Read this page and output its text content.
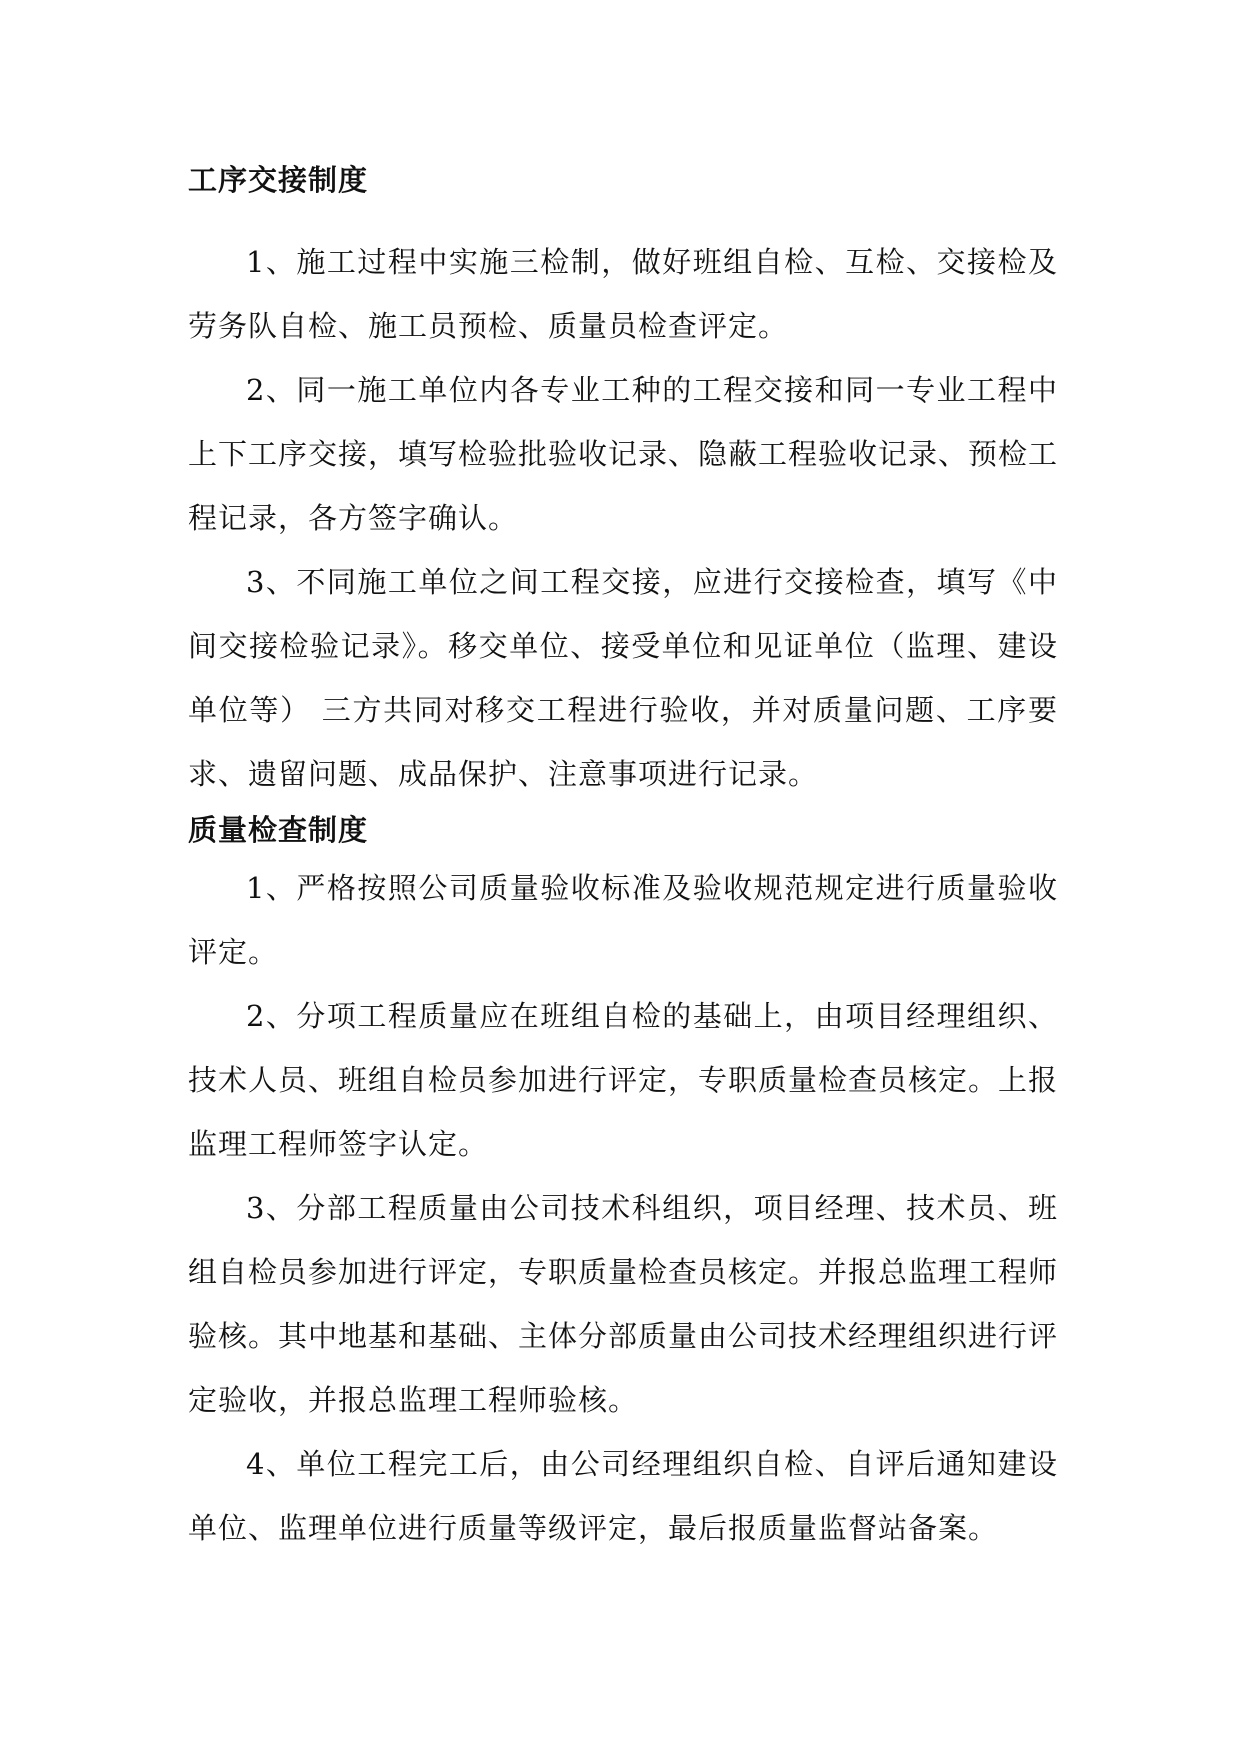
工序交接制度

1、施工过程中实施三检制，做好班组自检、互检、交接检及劳务队自检、施工员预检、质量员检查评定。

2、同一施工单位内各专业工种的工程交接和同一专业工程中上下工序交接，填写检验批验收记录、隐蔽工程验收记录、预检工程记录，各方签字确认。

3、不同施工单位之间工程交接，应进行交接检查，填写《中间交接检验记录》。移交单位、接受单位和见证单位（监理、建设单位等） 三方共同对移交工程进行验收，并对质量问题、工序要求、遗留问题、成品保护、注意事项进行记录。

质量检查制度

1、严格按照公司质量验收标准及验收规范规定进行质量验收评定。

2、分项工程质量应在班组自检的基础上，由项目经理组织、技术人员、班组自检员参加进行评定，专职质量检查员核定。上报监理工程师签字认定。

3、分部工程质量由公司技术科组织，项目经理、技术员、班组自检员参加进行评定，专职质量检查员核定。并报总监理工程师验核。其中地基和基础、主体分部质量由公司技术经理组织进行评定验收，并报总监理工程师验核。

4、单位工程完工后，由公司经理组织自检、自评后通知建设单位、监理单位进行质量等级评定，最后报质量监督站备案。
